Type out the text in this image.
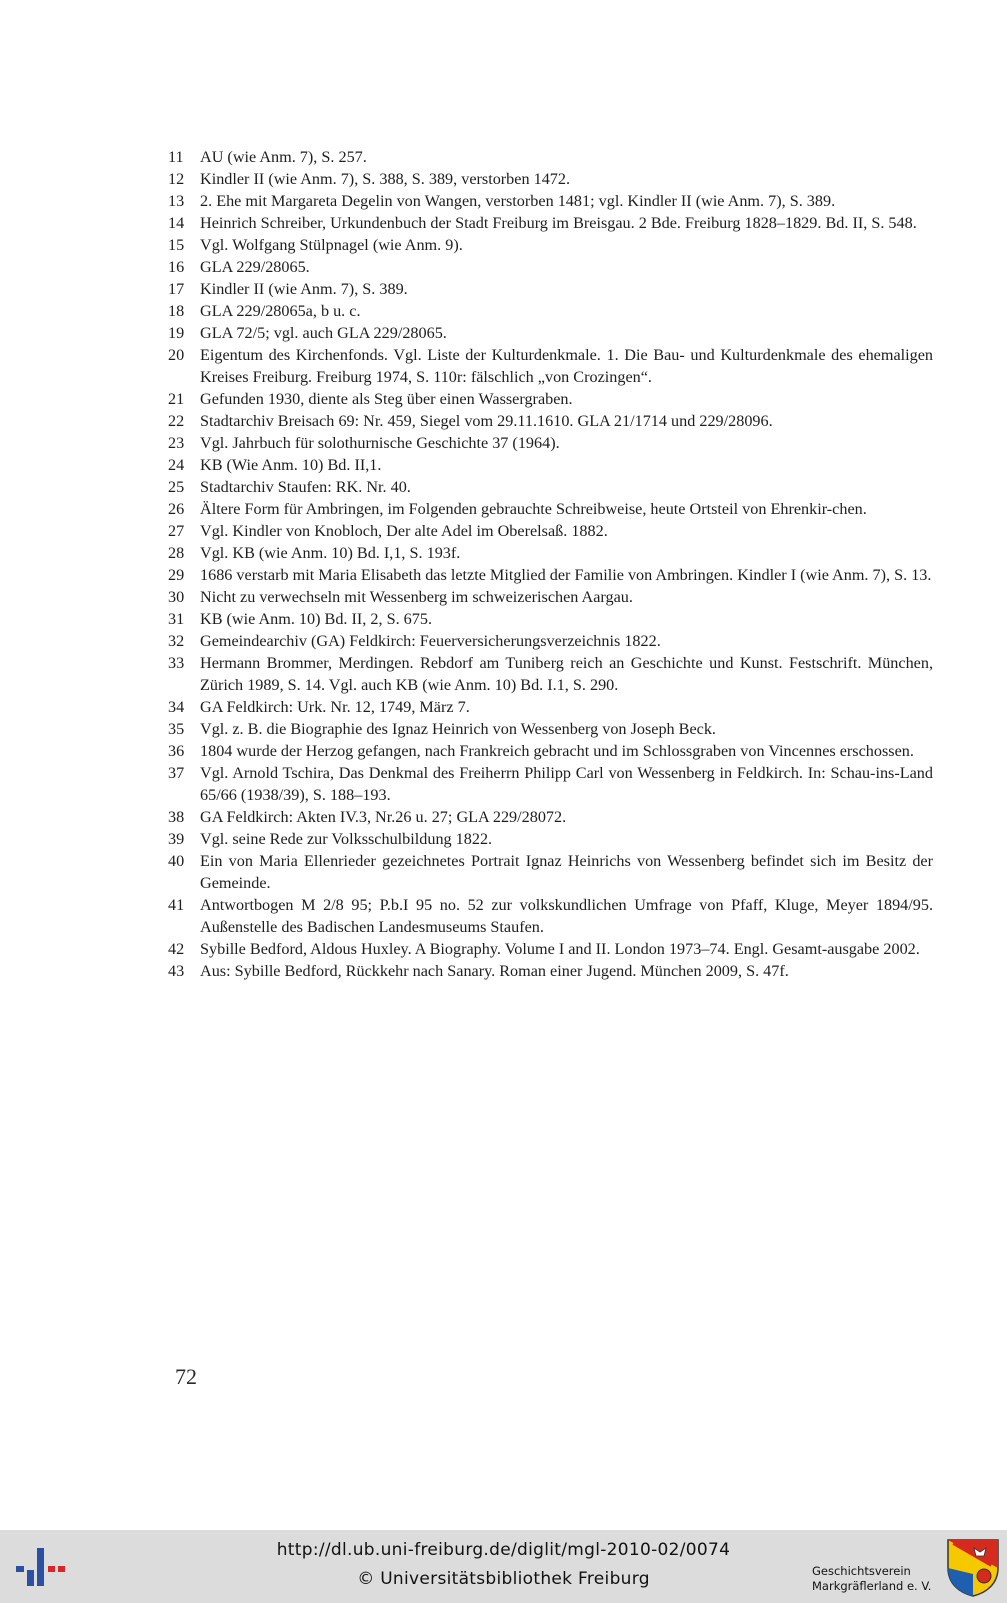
11	AU (wie Anm. 7), S. 257.
12 Kindler II (wie Anm. 7), S. 388, S. 389, verstorben 1472.
13 2. Ehe mit Margareta Degelin von Wangen, verstorben 1481; vgl. Kindler II (wie Anm. 7), S. 389.
14 Heinrich Schreiber, Urkundenbuch der Stadt Freiburg im Breisgau. 2 Bde. Freiburg 1828–1829. Bd. II, S. 548.
15 Vgl. Wolfgang Stülpnagel (wie Anm. 9).
16 GLA 229/28065.
17 Kindler II (wie Anm. 7), S. 389.
18 GLA 229/28065a, b u. c.
19 GLA 72/5; vgl. auch GLA 229/28065.
20 Eigentum des Kirchenfonds. Vgl. Liste der Kulturdenkmale. 1. Die Bau- und Kulturdenkmale des ehemaligen Kreises Freiburg. Freiburg 1974, S. 110r: fälschlich „von Crozingen“.
21 Gefunden 1930, diente als Steg über einen Wassergraben.
22 Stadtarchiv Breisach 69: Nr. 459, Siegel vom 29.11.1610. GLA 21/1714 und 229/28096.
23 Vgl. Jahrbuch für solothurnische Geschichte 37 (1964).
24 KB (Wie Anm. 10) Bd. II,1.
25 Stadtarchiv Staufen: RK. Nr. 40.
26 Ältere Form für Ambringen, im Folgenden gebrauchte Schreibweise, heute Ortsteil von Ehrenkir-chen.
27 Vgl. Kindler von Knobloch, Der alte Adel im Oberelsaß. 1882.
28 Vgl. KB (wie Anm. 10) Bd. I,1, S. 193f.
29 1686 verstarb mit Maria Elisabeth das letzte Mitglied der Familie von Ambringen. Kindler I (wie Anm. 7), S. 13.
30 Nicht zu verwechseln mit Wessenberg im schweizerischen Aargau.
31 KB (wie Anm. 10) Bd. II, 2, S. 675.
32 Gemeindearchiv (GA) Feldkirch: Feuerversicherungsverzeichnis 1822.
33 Hermann Brommer, Merdingen. Rebdorf am Tuniberg reich an Geschichte und Kunst. Festschrift. München, Zürich 1989, S. 14. Vgl. auch KB (wie Anm. 10) Bd. I.1, S. 290.
34 GA Feldkirch: Urk. Nr. 12, 1749, März 7.
35 Vgl. z. B. die Biographie des Ignaz Heinrich von Wessenberg von Joseph Beck.
36 1804 wurde der Herzog gefangen, nach Frankreich gebracht und im Schlossgraben von Vincennes erschossen.
37 Vgl. Arnold Tschira, Das Denkmal des Freiherrn Philipp Carl von Wessenberg in Feldkirch. In: Schau-ins-Land 65/66 (1938/39), S. 188–193.
38 GA Feldkirch: Akten IV.3, Nr.26 u. 27; GLA 229/28072.
39 Vgl. seine Rede zur Volksschulbildung 1822.
40 Ein von Maria Ellenrieder gezeichnetes Portrait Ignaz Heinrichs von Wessenberg befindet sich im Besitz der Gemeinde.
41 Antwortbogen M 2/8 95; P.b.I 95 no. 52 zur volkskundlichen Umfrage von Pfaff, Kluge, Meyer 1894/95. Außenstelle des Badischen Landesmuseums Staufen.
42 Sybille Bedford, Aldous Huxley. A Biography. Volume I and II. London 1973–74. Engl. Gesamt-ausgabe 2002.
43 Aus: Sybille Bedford, Rückkehr nach Sanary. Roman einer Jugend. München 2009, S. 47f.
72
http://dl.ub.uni-freiburg.de/diglit/mgl-2010-02/0074
© Universitätsbibliothek Freiburg	Geschichtsverein
Markgräflerland e. V.
